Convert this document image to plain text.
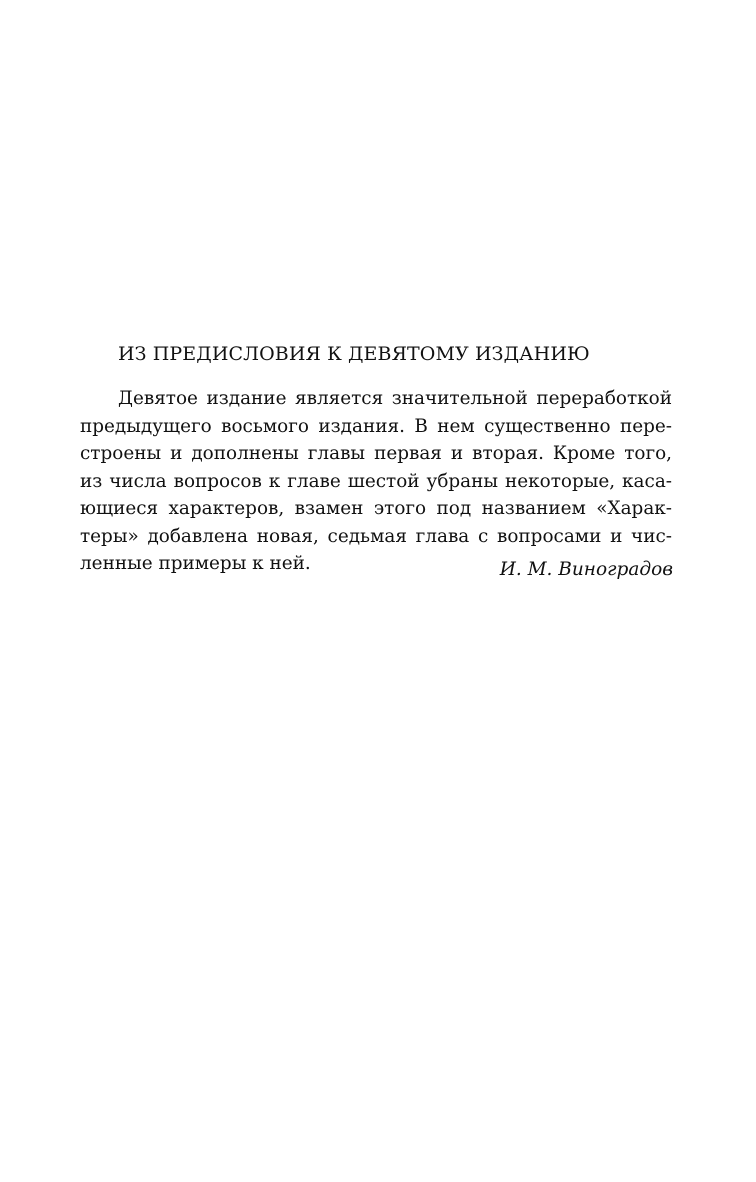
ИЗ ПРЕДИСЛОВИЯ К ДЕВЯТОМУ ИЗДАНИЮ
Девятое издание является значительной переработкой
предыдущего восьмого издания. В нем существенно пере-
строены и дополнены главы первая и вторая. Кроме того,
из числа вопросов к главе шестой убраны некоторые, каса-
ющиеся характеров, взамен этого под названием «Харак-
теры» добавлена новая, седьмая глава с вопросами и чис-
ленные примеры к ней.	И. М. Виноградов
